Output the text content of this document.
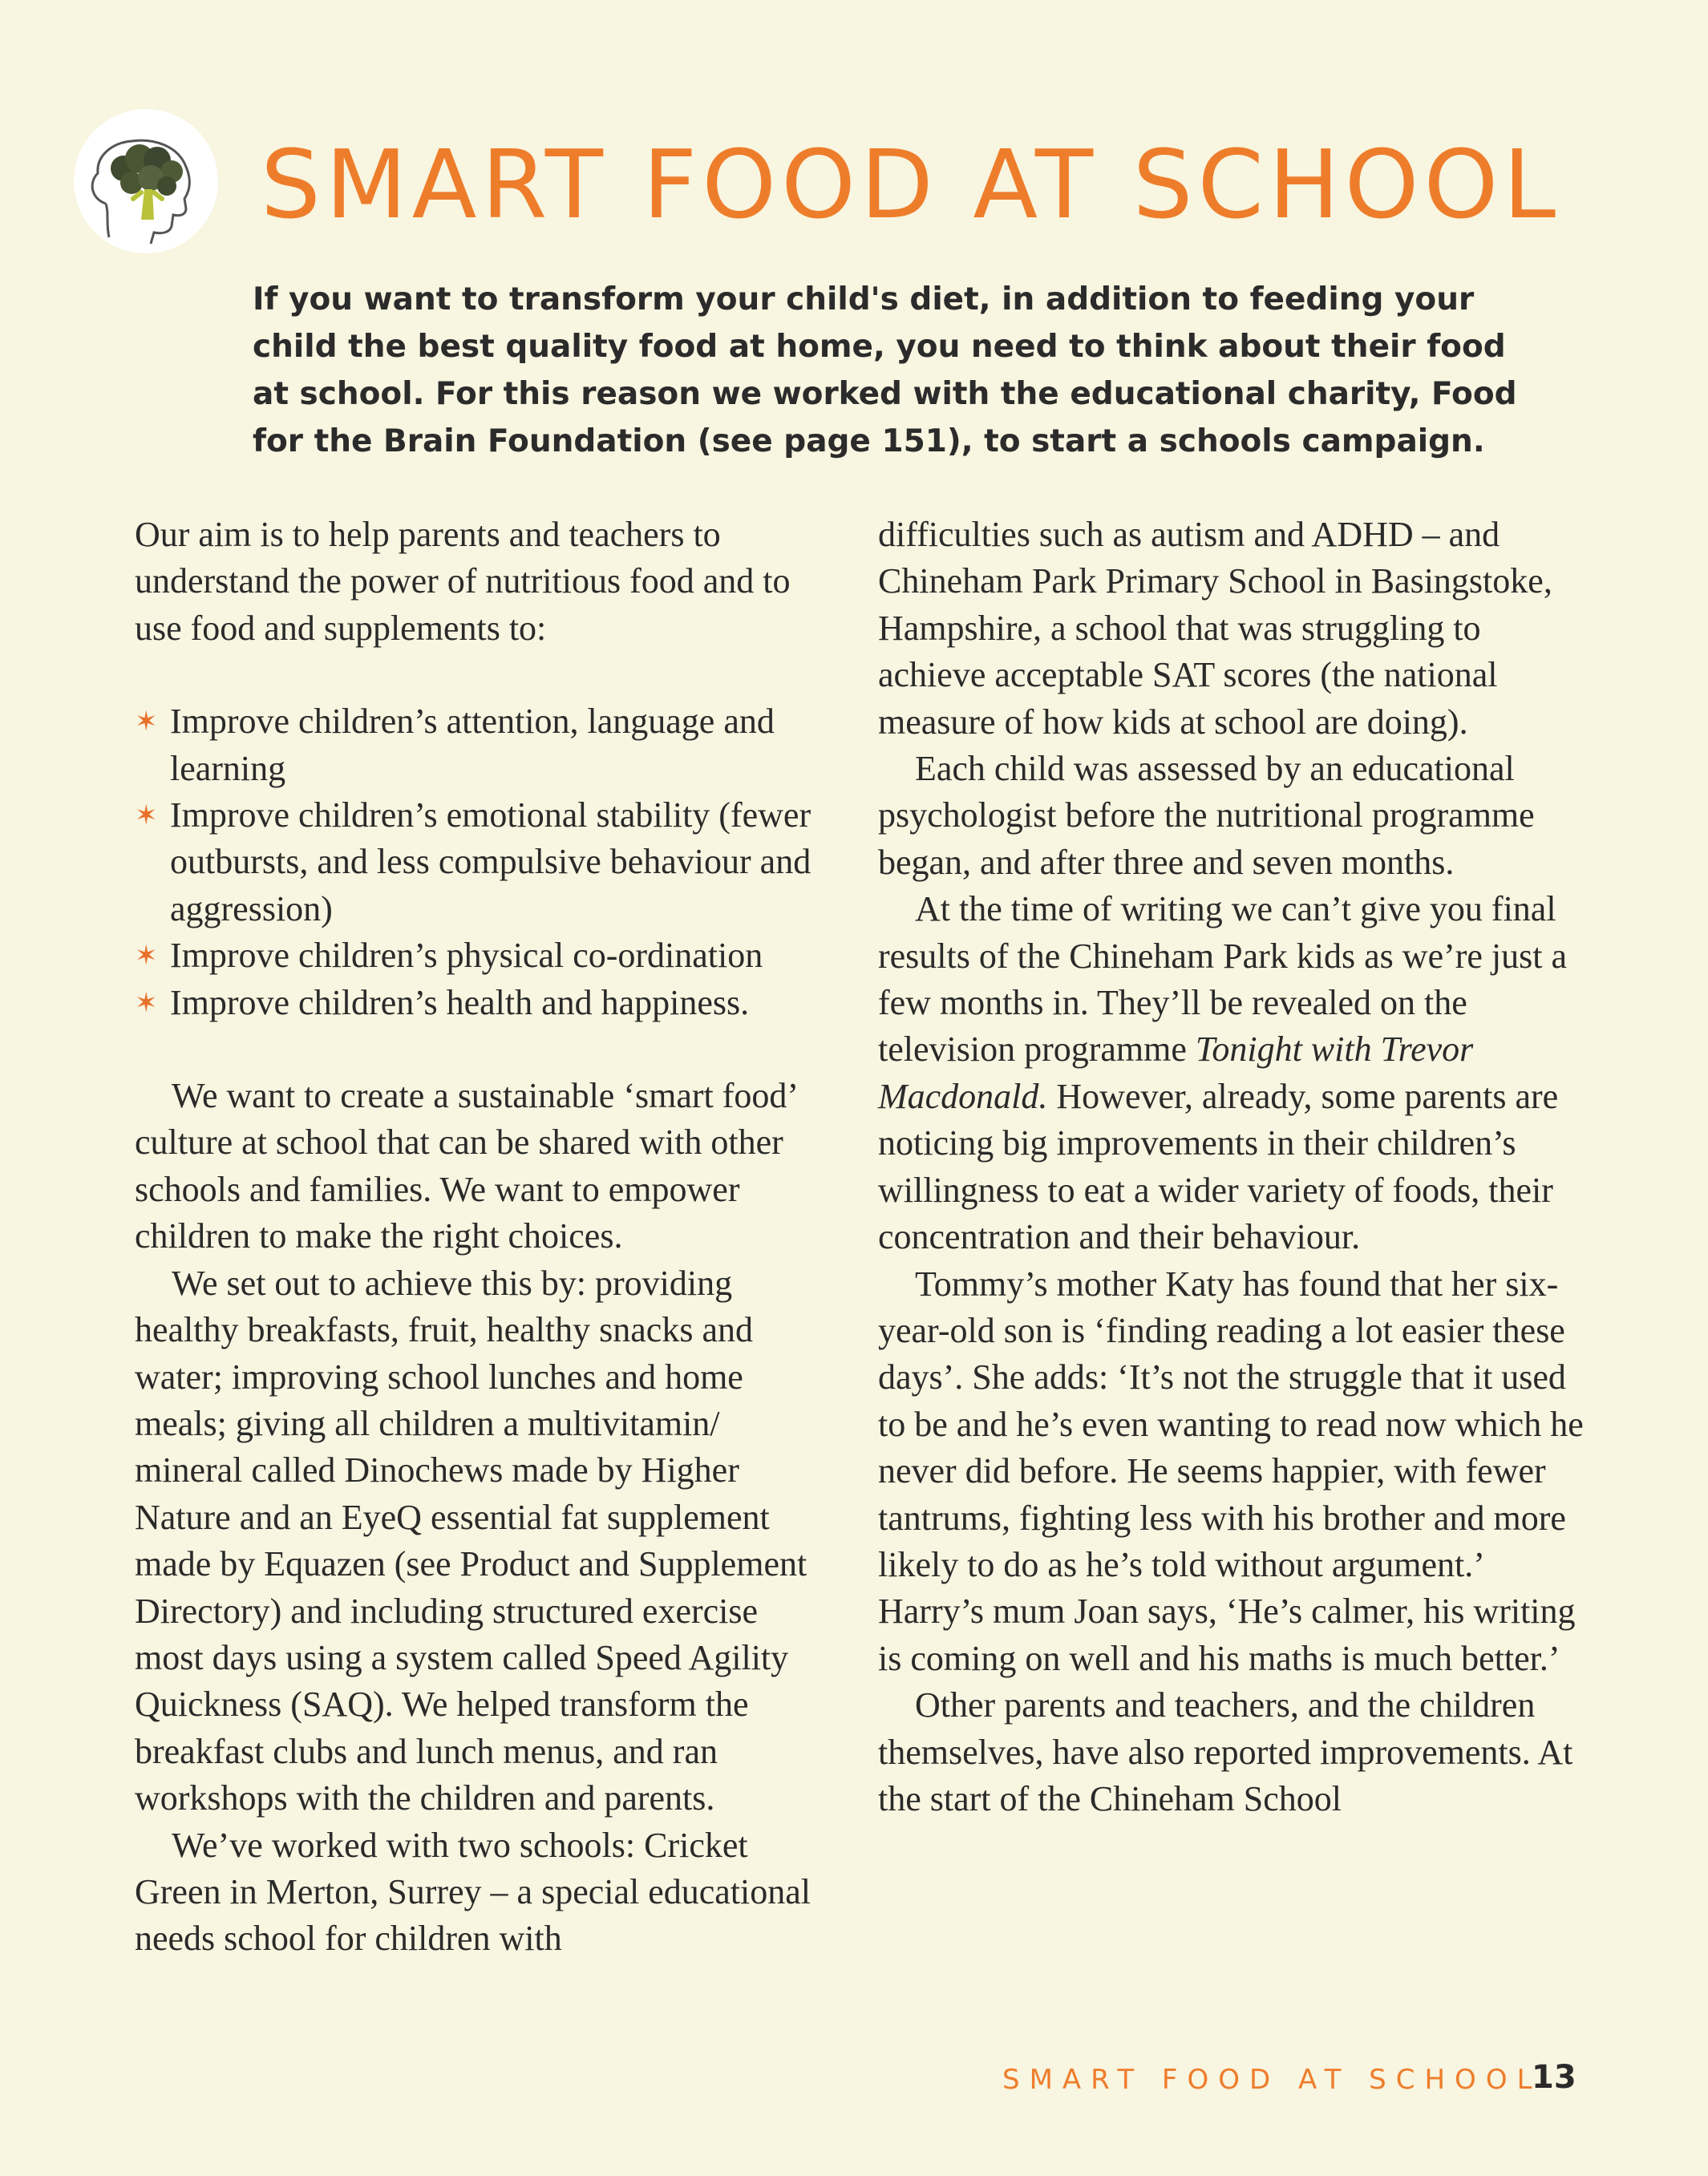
SMART FOOD AT SCHOOL

If you want to transform your child's diet, in addition to feeding your child the best quality food at home, you need to think about their food at school. For this reason we worked with the educational charity, Food for the Brain Foundation (see page 151), to start a schools campaign.

Our aim is to help parents and teachers to understand the power of nutritious food and to use food and supplements to:

✶ Improve children’s attention, language and learning
✶ Improve children’s emotional stability (fewer outbursts, and less compulsive behaviour and aggression)
✶ Improve children’s physical co-ordination
✶ Improve children’s health and happiness.

We want to create a sustainable ‘smart food’ culture at school that can be shared with other schools and families. We want to empower children to make the right choices.

We set out to achieve this by: providing healthy breakfasts, fruit, healthy snacks and water; improving school lunches and home meals; giving all children a multivitamin/ mineral called Dinochews made by Higher Nature and an EyeQ essential fat supplement made by Equazen (see Product and Supplement Directory) and including structured exercise most days using a system called Speed Agility Quickness (SAQ). We helped transform the breakfast clubs and lunch menus, and ran workshops with the children and parents.

We’ve worked with two schools: Cricket Green in Merton, Surrey – a special educational needs school for children with

difficulties such as autism and ADHD – and Chineham Park Primary School in Basingstoke, Hampshire, a school that was struggling to achieve acceptable SAT scores (the national measure of how kids at school are doing).

Each child was assessed by an educational psychologist before the nutritional programme began, and after three and seven months.

At the time of writing we can’t give you final results of the Chineham Park kids as we’re just a few months in. They’ll be revealed on the television programme Tonight with Trevor Macdonald. However, already, some parents are noticing big improvements in their children’s willingness to eat a wider variety of foods, their concentration and their behaviour.

Tommy’s mother Katy has found that her six-year-old son is ‘finding reading a lot easier these days’. She adds: ‘It’s not the struggle that it used to be and he’s even wanting to read now which he never did before. He seems happier, with fewer tantrums, fighting less with his brother and more likely to do as he’s told without argument.’ Harry’s mum Joan says, ‘He’s calmer, his writing is coming on well and his maths is much better.’

Other parents and teachers, and the children themselves, have also reported improvements. At the start of the Chineham School

SMART FOOD AT SCHOOL
13
